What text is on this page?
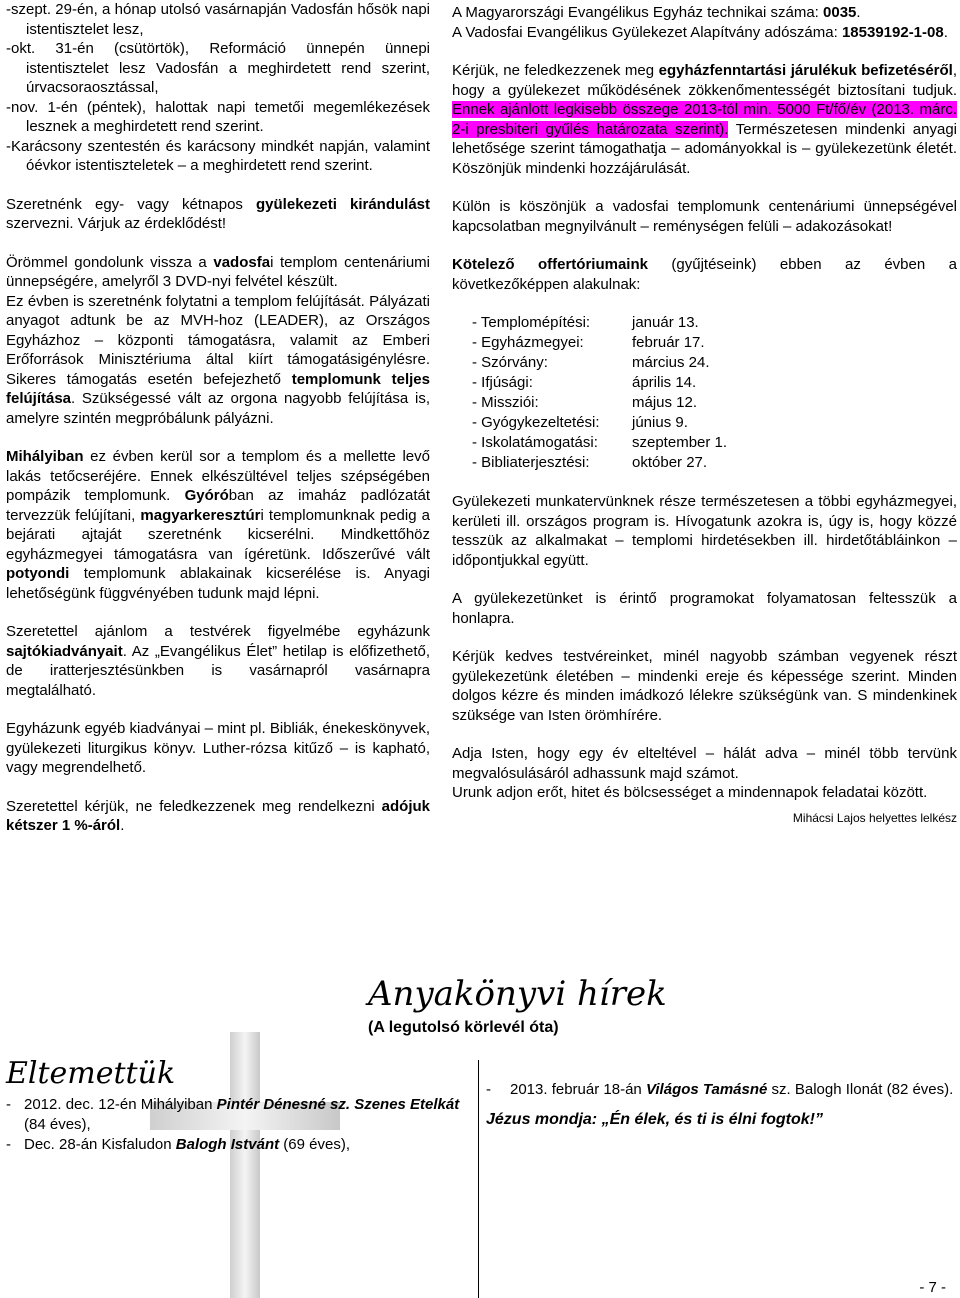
-szept. 29-én, a hónap utolsó vasárnapján Vadosfán hősök napi istentisztelet lesz,

-okt. 31-én (csütörtök), Reformáció ünnepén ünnepi istentisztelet lesz Vadosfán a meghirdetett rend szerint, úrvacsoraosztással,

-nov. 1-én (péntek), halottak napi temetői megemlékezések lesznek a meghirdetett rend szerint.

-Karácsony szentestén és karácsony mindkét napján, valamint óévkor istentiszteletek – a meghirdetett rend szerint.

Szeretnénk egy- vagy kétnapos gyülekezeti kirándulást szervezni. Várjuk az érdeklődést!

Örömmel gondolunk vissza a vadosfai templom centenáriumi ünnepségére, amelyről 3 DVD-nyi felvétel készült.

Ez évben is szeretnénk folytatni a templom felújítását. Pályázati anyagot adtunk be az MVH-hoz (LEADER), az Országos Egyházhoz – központi támogatásra, valamit az Emberi Erőforrások Minisztériuma által kiírt támogatásigénylésre. Sikeres támogatás esetén befejezhető templomunk teljes felújítása. Szükségessé vált az orgona nagyobb felújítása is, amelyre szintén megpróbálunk pályázni.

Mihályiban ez évben kerül sor a templom és a mellette levő lakás tetőcseréjére. Ennek elkészültével teljes szépségében pompázik templomunk. Gyóróban az imaház padlózatát tervezzük felújítani, magyarkeresztúri templomunknak pedig a bejárati ajtaját szeretnénk kicserélni. Mindkettőhöz egyházmegyei támogatásra van ígéretünk. Időszerűvé vált potyondi templomunk ablakainak kicserélése is. Anyagi lehetőségünk függvényében tudunk majd lépni.

Szeretettel ajánlom a testvérek figyelmébe egyházunk sajtókiadványait. Az „Evangélikus Élet” hetilap is előfizethető, de iratterjesztésünkben is vasárnapról vasárnapra megtalálható.

Egyházunk egyéb kiadványai – mint pl. Bibliák, énekeskönyvek, gyülekezeti liturgikus könyv. Luther-rózsa kitűző – is kapható, vagy megrendelhető.

Szeretettel kérjük, ne feledkezzenek meg rendelkezni adójuk kétszer 1 %-áról.

A Magyarországi Evangélikus Egyház technikai száma: 0035.

A Vadosfai Evangélikus Gyülekezet Alapítvány adószáma: 18539192-1-08.

Kérjük, ne feledkezzenek meg egyházfenntartási járulékuk befizetéséről, hogy a gyülekezet működésének zökkenőmentességét biztosítani tudjuk. Ennek ajánlott legkisebb összege 2013-tól min. 5000 Ft/fő/év (2013. márc. 2-i presbiteri gyűlés határozata szerint). Természetesen mindenki anyagi lehetősége szerint támogathatja – adományokkal is – gyülekezetünk életét. Köszönjük mindenki hozzájárulását.

Külön is köszönjük a vadosfai templomunk centenáriumi ünnepségével kapcsolatban megnyilvánult – reménységen felüli – adakozásokat!

Kötelező offertóriumaink (gyűjtéseink) ebben az évben a következőképpen alakulnak:

- Templomépítési:	január 13.
- Egyházmegyei:	február 17.
- Szórvány:	március 24.
- Ifjúsági:	április 14.
- Missziói:	május 12.
- Gyógykezeltetési:	június 9.
- Iskolatámogatási:	szeptember 1.
- Bibliaterjesztési:	október 27.

Gyülekezeti munkatervünknek része természetesen a többi egyházmegyei, kerületi ill. országos program is. Hívogatunk azokra is, úgy is, hogy közzé tesszük az alkalmakat – templomi hirdetésekben ill. hirdetőtábláinkon – időpontjukkal együtt.

A gyülekezetünket is érintő programokat folyamatosan feltesszük a honlapra.

Kérjük kedves testvéreinket, minél nagyobb számban vegyenek részt gyülekezetünk életében – mindenki ereje és képessége szerint. Minden dolgos kézre és minden imádkozó lélekre szükségünk van. S mindenkinek szüksége van Isten örömhírére.

Adja Isten, hogy egy év elteltével – hálát adva – minél több tervünk megvalósulásáról adhassunk majd számot.

Urunk adjon erőt, hitet és bölcsességet a mindennapok feladatai között.

Mihácsi Lajos helyettes lelkész

Anyakönyvi hírek
(A legutolsó körlevél óta)
Eltemettük
- 2012. dec. 12-én Mihályiban Pintér Dénesné sz. Szenes Etelkát (84 éves),
- Dec. 28-án Kisfaludon Balogh Istvánt (69 éves),
-	2013. február 18-án Világos Tamásné sz. Balogh Ilonát (82 éves).
Jézus mondja: „Én élek, és ti is élni fogtok!”
- 7 -
